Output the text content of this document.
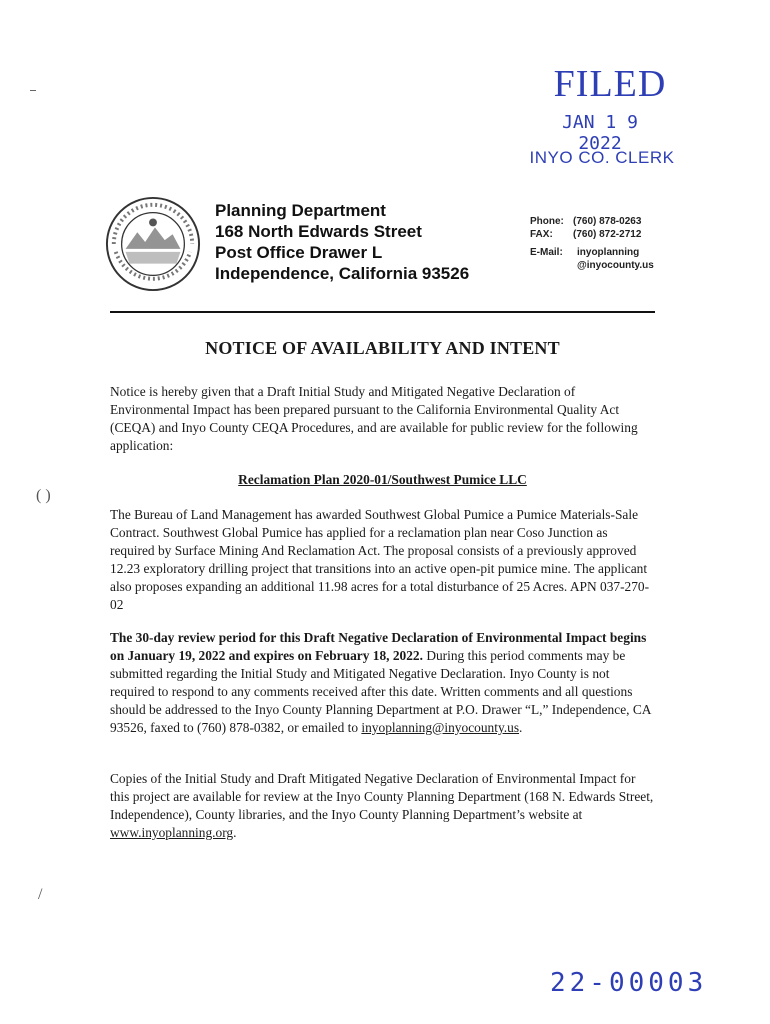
FILED
JAN 1 9 2022
INYO CO. CLERK
Planning Department
168 North Edwards Street
Post Office Drawer L
Independence, California 93526
Phone: (760) 878-0263
FAX: (760) 872-2712
E-Mail: inyoplanning
@inyocounty.us
NOTICE OF AVAILABILITY AND INTENT
Notice is hereby given that a Draft Initial Study and Mitigated Negative Declaration of Environmental Impact has been prepared pursuant to the California Environmental Quality Act (CEQA) and Inyo County CEQA Procedures, and are available for public review for the following application:
Reclamation Plan 2020-01/Southwest Pumice LLC
The Bureau of Land Management has awarded Southwest Global Pumice a Pumice Materials-Sale Contract. Southwest Global Pumice has applied for a reclamation plan near Coso Junction as required by Surface Mining And Reclamation Act. The proposal consists of a previously approved 12.23 exploratory drilling project that transitions into an active open-pit pumice mine. The applicant also proposes expanding an additional 11.98 acres for a total disturbance of 25 Acres. APN 037-270-02
The 30-day review period for this Draft Negative Declaration of Environmental Impact begins on January 19, 2022 and expires on February 18, 2022. During this period comments may be submitted regarding the Initial Study and Mitigated Negative Declaration. Inyo County is not required to respond to any comments received after this date. Written comments and all questions should be addressed to the Inyo County Planning Department at P.O. Drawer “L,” Independence, CA 93526, faxed to (760) 878-0382, or emailed to inyoplanning@inyocounty.us.
Copies of the Initial Study and Draft Mitigated Negative Declaration of Environmental Impact for this project are available for review at the Inyo County Planning Department (168 N. Edwards Street, Independence), County libraries, and the Inyo County Planning Department’s website at www.inyoplanning.org.
22-00003
( )
/
